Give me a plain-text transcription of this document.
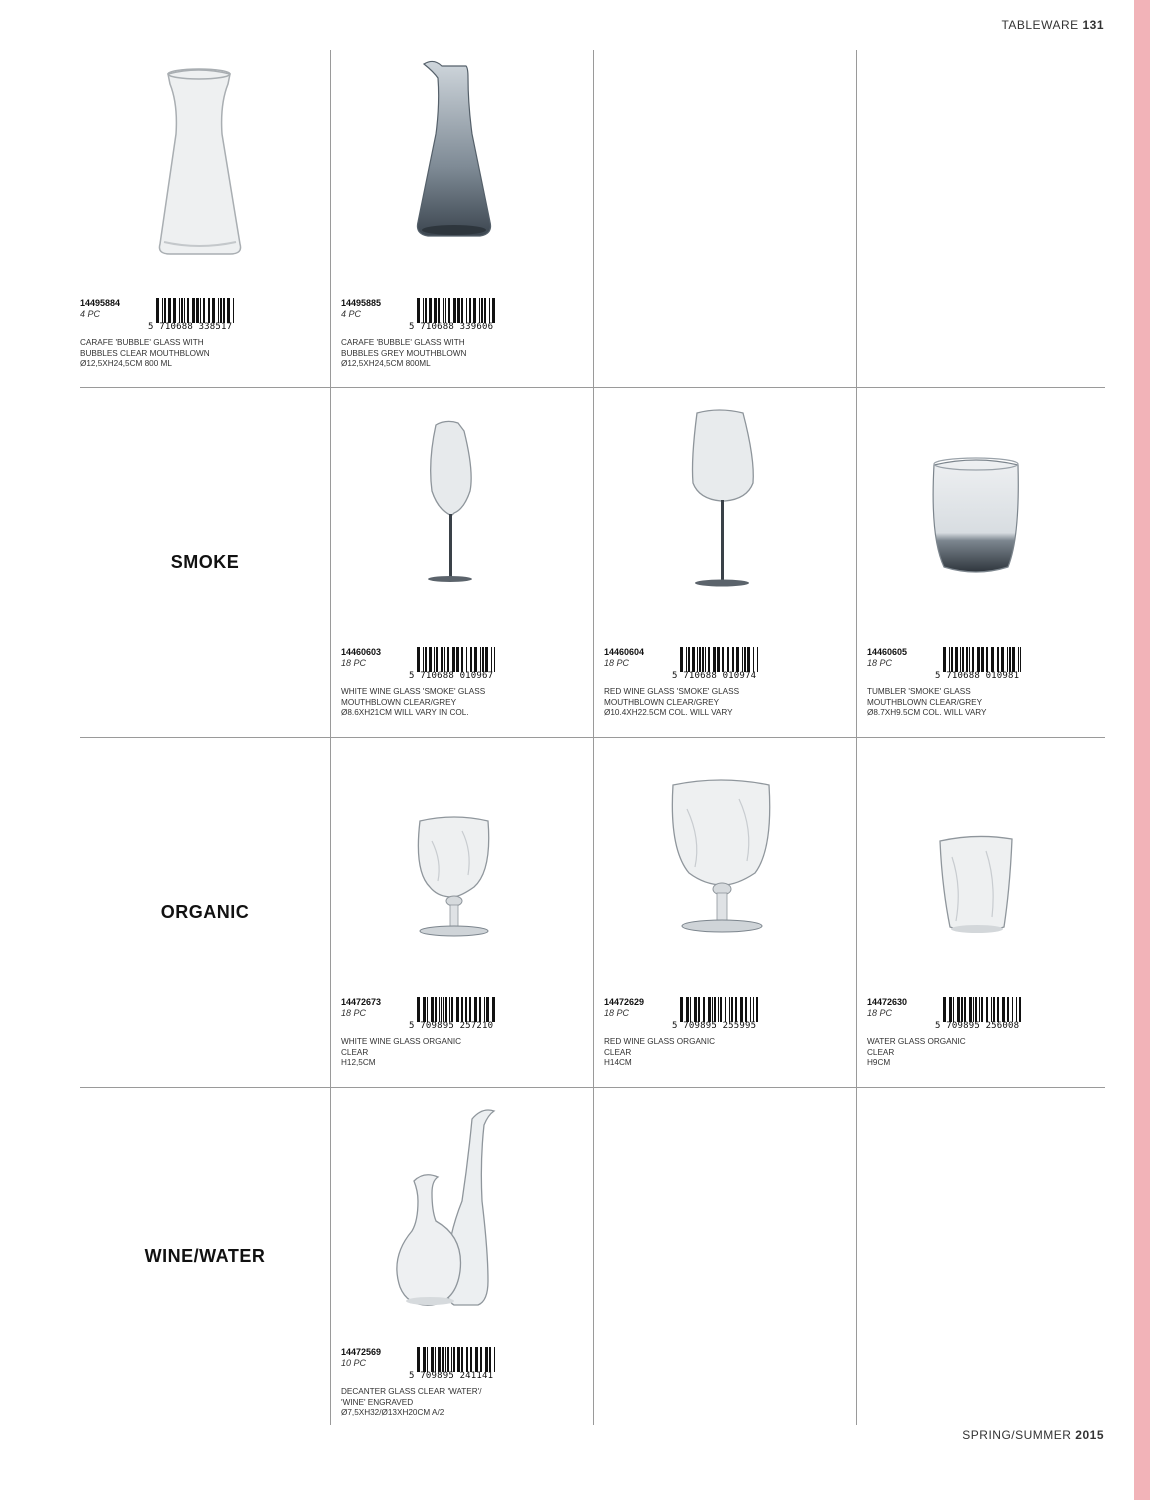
TABLEWARE 131
14495884
4 PC
5 710688 338517
CARAFE 'BUBBLE' GLASS WITH
BUBBLES CLEAR MOUTHBLOWN
Ø12,5XH24,5CM 800 ML
14495885
4 PC
5 710688 339606
CARAFE 'BUBBLE' GLASS WITH
BUBBLES GREY MOUTHBLOWN
Ø12,5XH24,5CM 800ML
SMOKE
14460603
18 PC
5 710688 010967
WHITE WINE GLASS 'SMOKE' GLASS
MOUTHBLOWN CLEAR/GREY
Ø8.6XH21CM WILL VARY IN COL.
14460604
18 PC
5 710688 010974
RED WINE GLASS 'SMOKE' GLASS
MOUTHBLOWN CLEAR/GREY
Ø10.4XH22.5CM COL. WILL VARY
14460605
18 PC
5 710688 010981
TUMBLER 'SMOKE' GLASS
MOUTHBLOWN CLEAR/GREY
Ø8.7XH9.5CM COL. WILL VARY
ORGANIC
14472673
18 PC
5 709895 257210
WHITE WINE GLASS ORGANIC
CLEAR
H12,5CM
14472629
18 PC
5 709895 255995
RED WINE GLASS ORGANIC
CLEAR
H14CM
14472630
18 PC
5 709895 256008
WATER GLASS ORGANIC
CLEAR
H9CM
WINE/WATER
14472569
10 PC
5 709895 241141
DECANTER GLASS CLEAR 'WATER'/
'WINE' ENGRAVED
Ø7,5XH32/Ø13XH20CM A/2
SPRING/SUMMER 2015
